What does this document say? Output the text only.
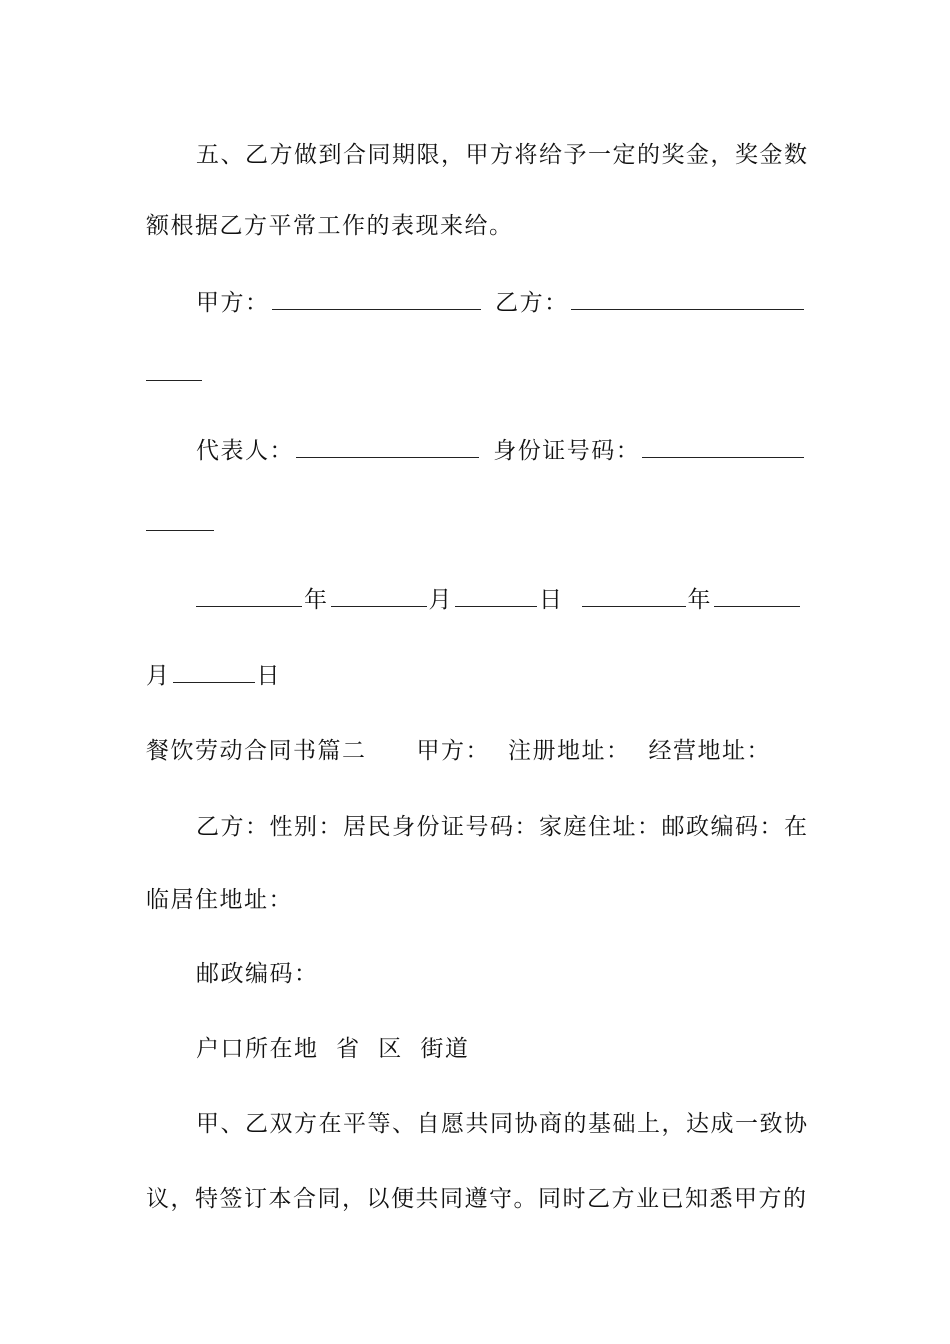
五、乙方做到合同期限，甲方将给予一定的奖金，奖金数
额根据乙方平常工作的表现来给。
甲方：	乙方：
代表人：	身份证号码：
年	月	日	年
月	日
餐饮劳动合同书篇二 甲方： 注册地址： 经营地址：
乙方：性别：居民身份证号码：家庭住址：邮政编码：在
临居住地址：
邮政编码：
户口所在地  省  区  街道
甲、乙双方在平等、自愿共同协商的基础上，达成一致协
议，特签订本合同，以便共同遵守。同时乙方业已知悉甲方的
